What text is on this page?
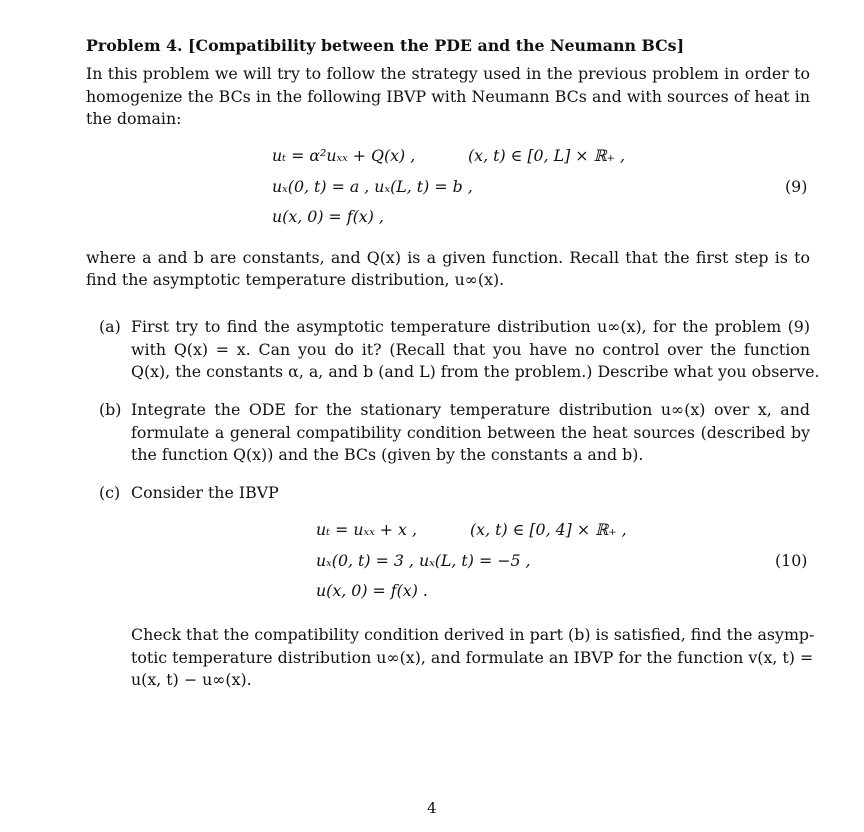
Problem 4. [Compatibility between the PDE and the Neumann BCs]
In this problem we will try to follow the strategy used in the previous problem in order to
homogenize the BCs in the following IBVP with Neumann BCs and with sources of heat in
the domain:
uₜ = α²uₓₓ + Q(x) ,	(x, t) ∈ [0, L] × ℝ₊ ,
uₓ(0, t) = a , uₓ(L, t) = b ,	(9)
u(x, 0) = f(x) ,
where a and b are constants, and Q(x) is a given function. Recall that the first step is to
find the asymptotic temperature distribution, u∞(x).
(a) First try to find the asymptotic temperature distribution u∞(x), for the problem (9)
with Q(x) = x. Can you do it? (Recall that you have no control over the function
Q(x), the constants α, a, and b (and L) from the problem.) Describe what you observe.
(b) Integrate the ODE for the stationary temperature distribution u∞(x) over x, and
formulate a general compatibility condition between the heat sources (described by
the function Q(x)) and the BCs (given by the constants a and b).
(c) Consider the IBVP
uₜ = uₓₓ + x ,	(x, t) ∈ [0, 4] × ℝ₊ ,
uₓ(0, t) = 3 , uₓ(L, t) = −5 ,	(10)
u(x, 0) = f(x) .
Check that the compatibility condition derived in part (b) is satisfied, find the asymp-
totic temperature distribution u∞(x), and formulate an IBVP for the function v(x, t) =
u(x, t) − u∞(x).
4
